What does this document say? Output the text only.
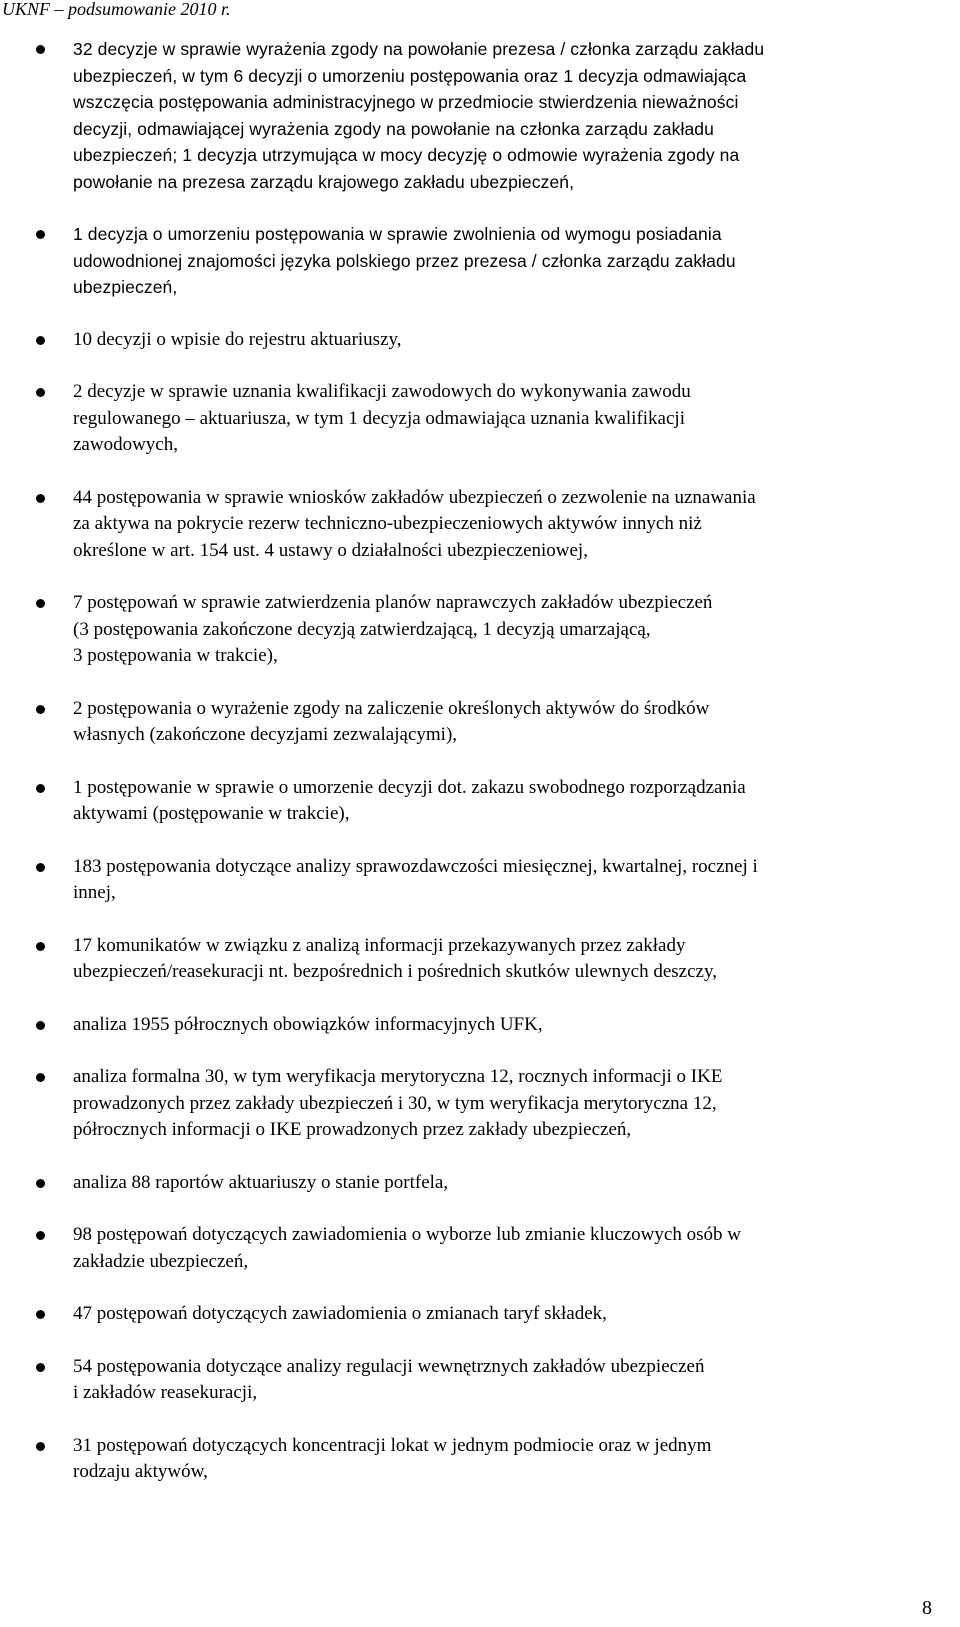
UKNF – podsumowanie 2010 r.
32 decyzje w sprawie wyrażenia zgody na powołanie prezesa / członka zarządu zakładu
ubezpieczeń, w tym 6 decyzji o umorzeniu postępowania oraz 1 decyzja odmawiająca
wszczęcia postępowania administracyjnego w przedmiocie stwierdzenia nieważności
decyzji, odmawiającej wyrażenia zgody na powołanie na członka zarządu zakładu
ubezpieczeń; 1 decyzja utrzymująca w mocy decyzję o odmowie wyrażenia zgody na
powołanie na prezesa zarządu krajowego zakładu ubezpieczeń,
1 decyzja o umorzeniu postępowania w sprawie zwolnienia od wymogu posiadania
udowodnionej znajomości języka polskiego przez prezesa / członka zarządu zakładu
ubezpieczeń,
10 decyzji o wpisie do rejestru aktuariuszy,
2 decyzje w sprawie uznania kwalifikacji zawodowych do wykonywania zawodu
regulowanego – aktuariusza, w tym 1 decyzja odmawiająca uznania kwalifikacji
zawodowych,
44 postępowania w sprawie wniosków zakładów ubezpieczeń o zezwolenie na uznawania
za aktywa na pokrycie rezerw techniczno-ubezpieczeniowych aktywów innych niż
określone w art. 154 ust. 4 ustawy o działalności ubezpieczeniowej,
7 postępowań w sprawie zatwierdzenia planów naprawczych zakładów ubezpieczeń
(3 postępowania zakończone decyzją zatwierdzającą, 1 decyzją umarzającą,
3 postępowania w trakcie),
2 postępowania o wyrażenie zgody na zaliczenie określonych aktywów do środków
własnych (zakończone decyzjami zezwalającymi),
1 postępowanie w sprawie o umorzenie decyzji dot. zakazu swobodnego rozporządzania
aktywami (postępowanie w trakcie),
183 postępowania dotyczące analizy sprawozdawczości miesięcznej, kwartalnej, rocznej i
innej,
17 komunikatów w związku z analizą informacji przekazywanych przez zakłady
ubezpieczeń/reasekuracji nt. bezpośrednich i pośrednich skutków ulewnych deszczy,
analiza 1955 półrocznych obowiązków informacyjnych UFK,
analiza formalna 30, w tym weryfikacja merytoryczna 12, rocznych informacji o IKE
prowadzonych przez zakłady ubezpieczeń i 30, w tym weryfikacja merytoryczna 12,
półrocznych informacji o IKE prowadzonych przez zakłady ubezpieczeń,
analiza 88 raportów aktuariuszy o stanie portfela,
98 postępowań dotyczących zawiadomienia o wyborze lub zmianie kluczowych osób w
zakładzie ubezpieczeń,
47 postępowań dotyczących zawiadomienia o zmianach taryf składek,
54 postępowania dotyczące analizy regulacji wewnętrznych zakładów ubezpieczeń
i zakładów reasekuracji,
31 postępowań dotyczących koncentracji lokat w jednym podmiocie oraz w jednym
rodzaju aktywów,
8
